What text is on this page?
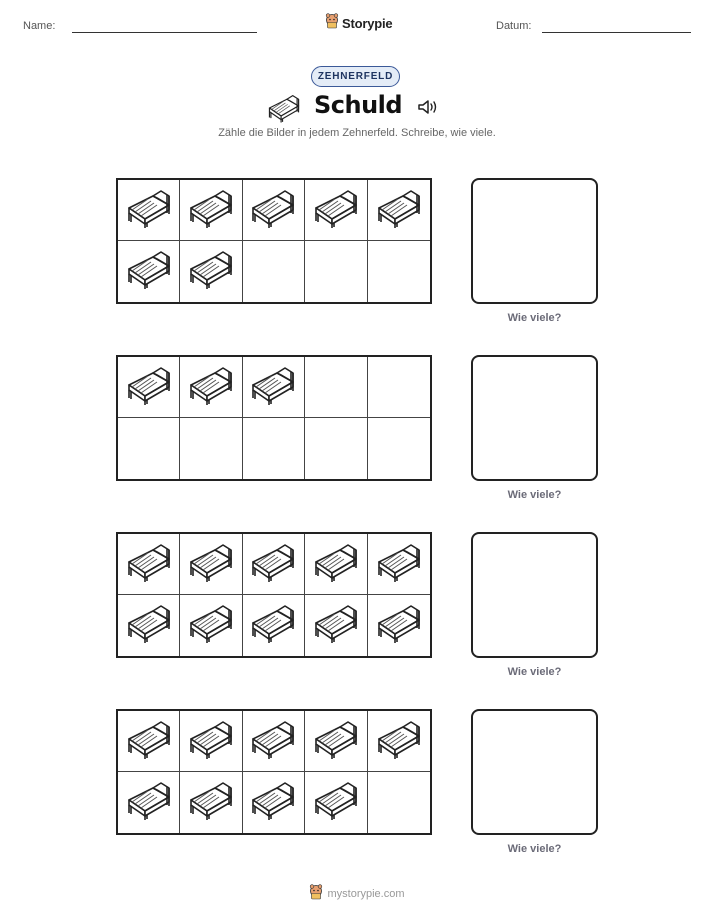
Name:	Storypie	Datum:
ZEHNERFELD
Schuld
Zähle die Bilder in jedem Zehnerfeld. Schreibe, wie viele.
Wie viele?
Wie viele?
Wie viele?
Wie viele?
mystorypie.com
